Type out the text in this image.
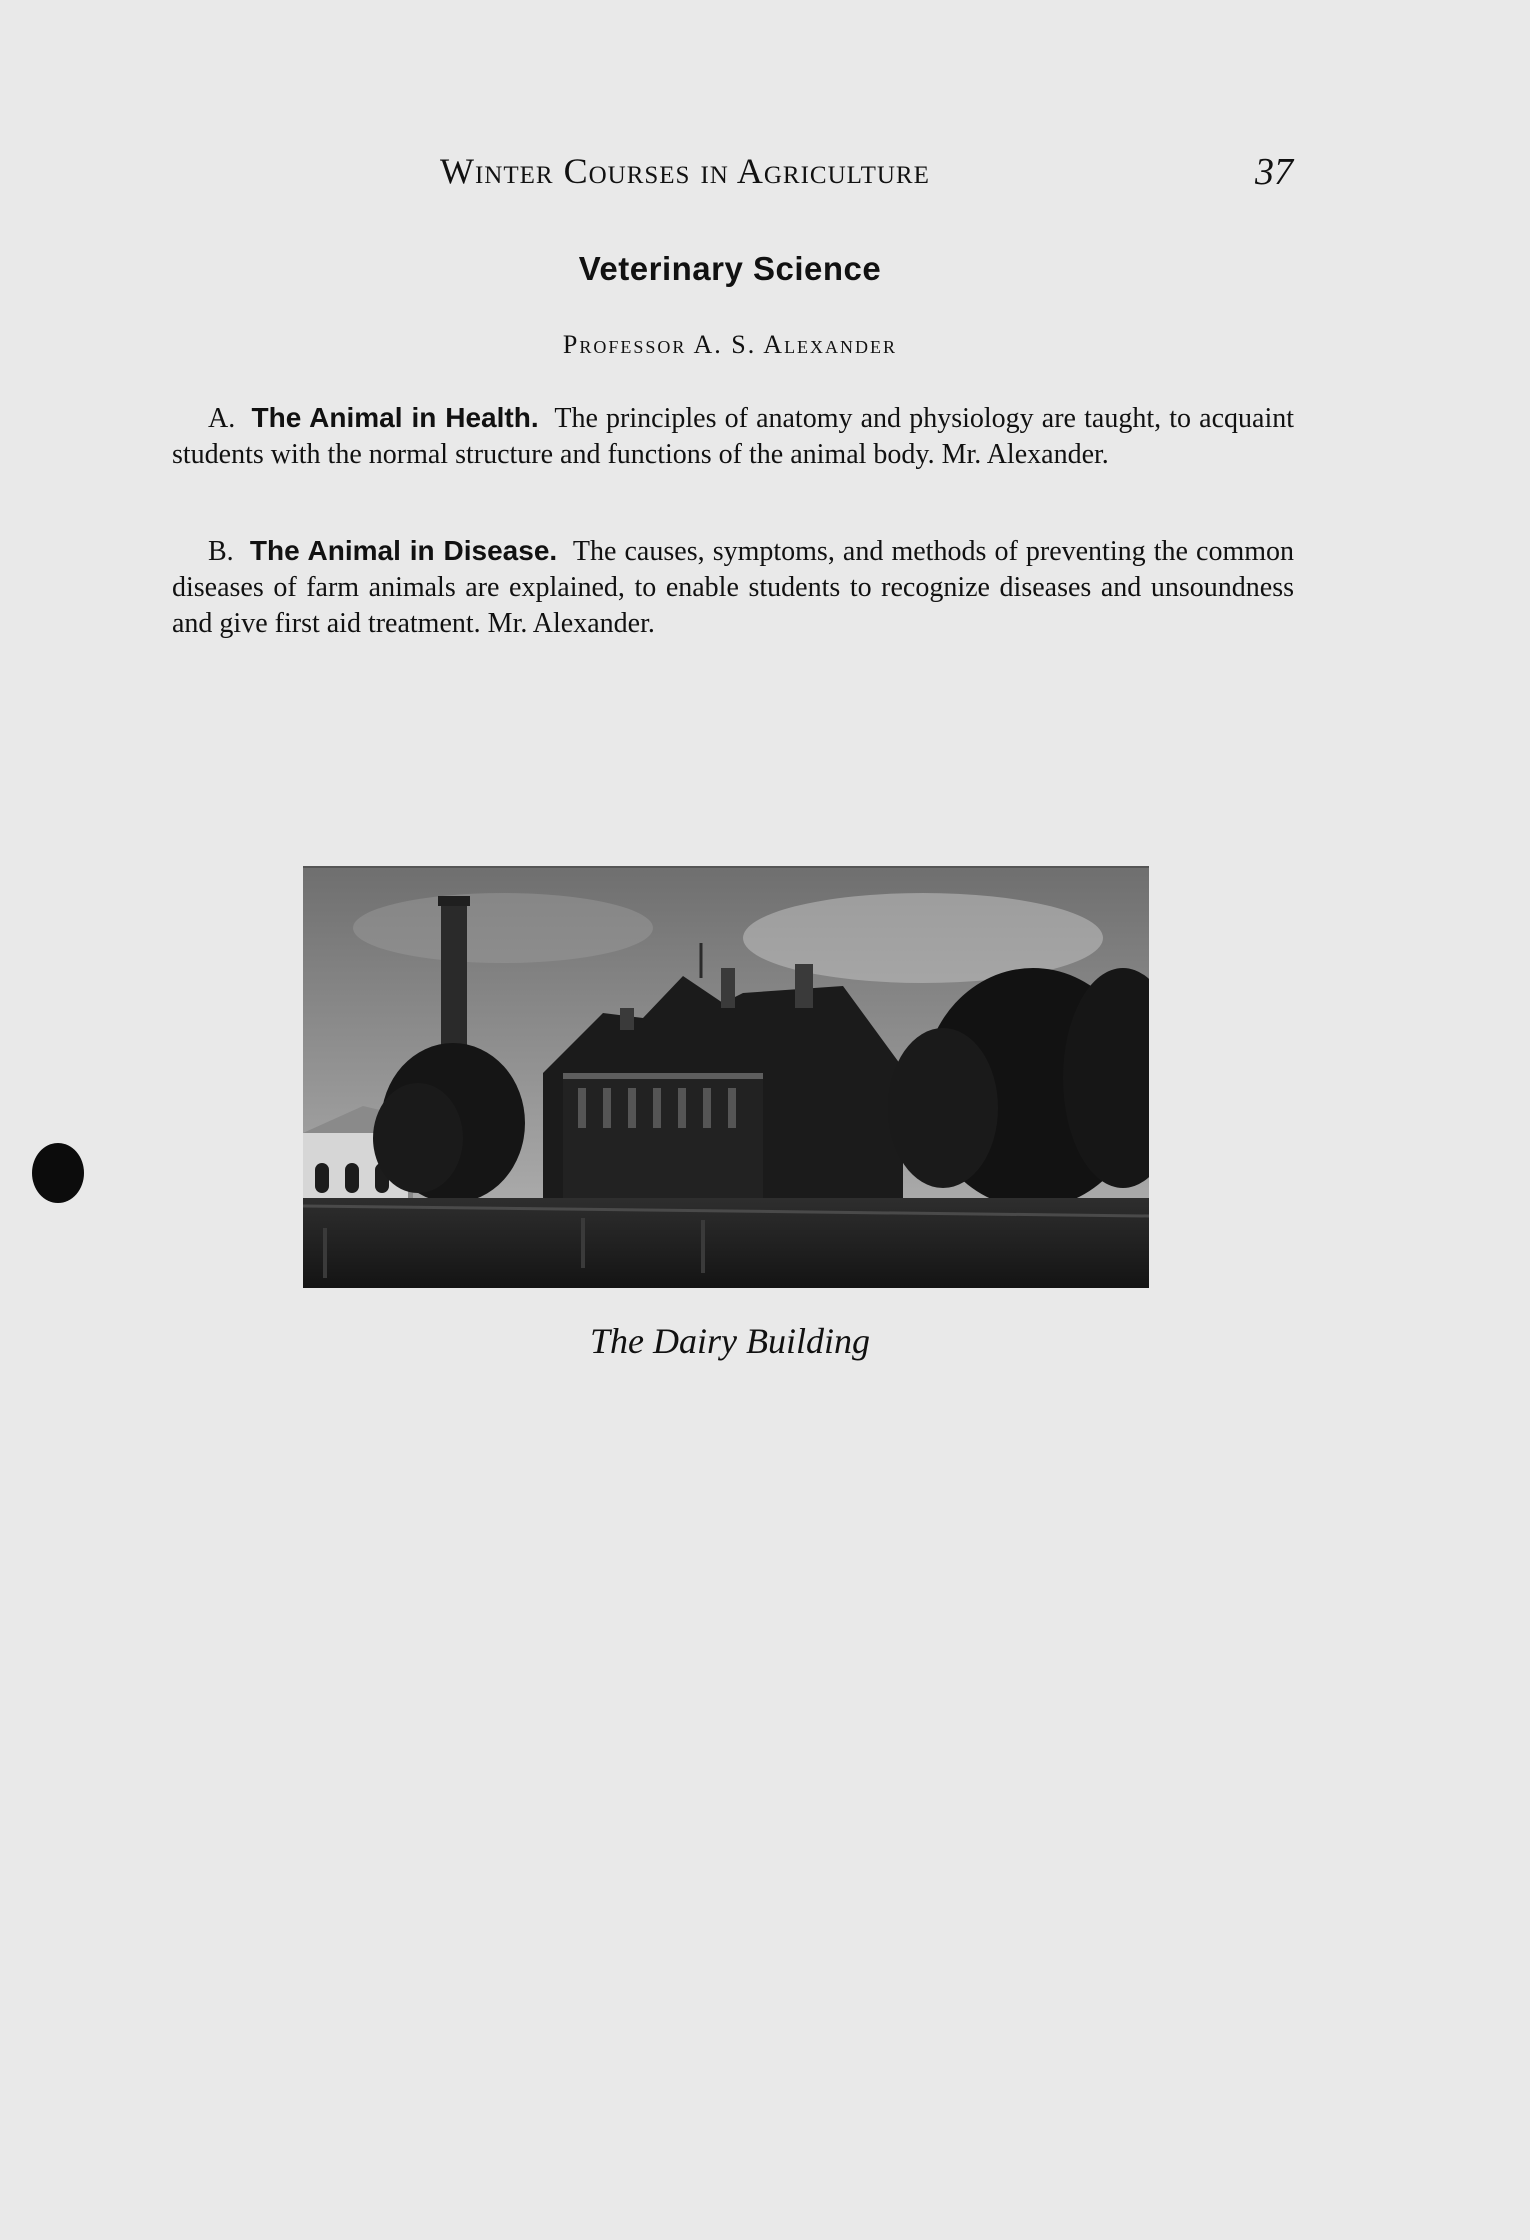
Winter Courses in Agriculture	37
Veterinary Science
Professor A. S. Alexander

A. The Animal in Health. The principles of anatomy and physiology are taught, to acquaint students with the normal structure and functions of the animal body. Mr. Alexander.

B. The Animal in Disease. The causes, symptoms, and methods of preventing the common diseases of farm animals are explained, to enable students to recognize diseases and unsoundness and give first aid treatment. Mr. Alexander.

The Dairy Building
